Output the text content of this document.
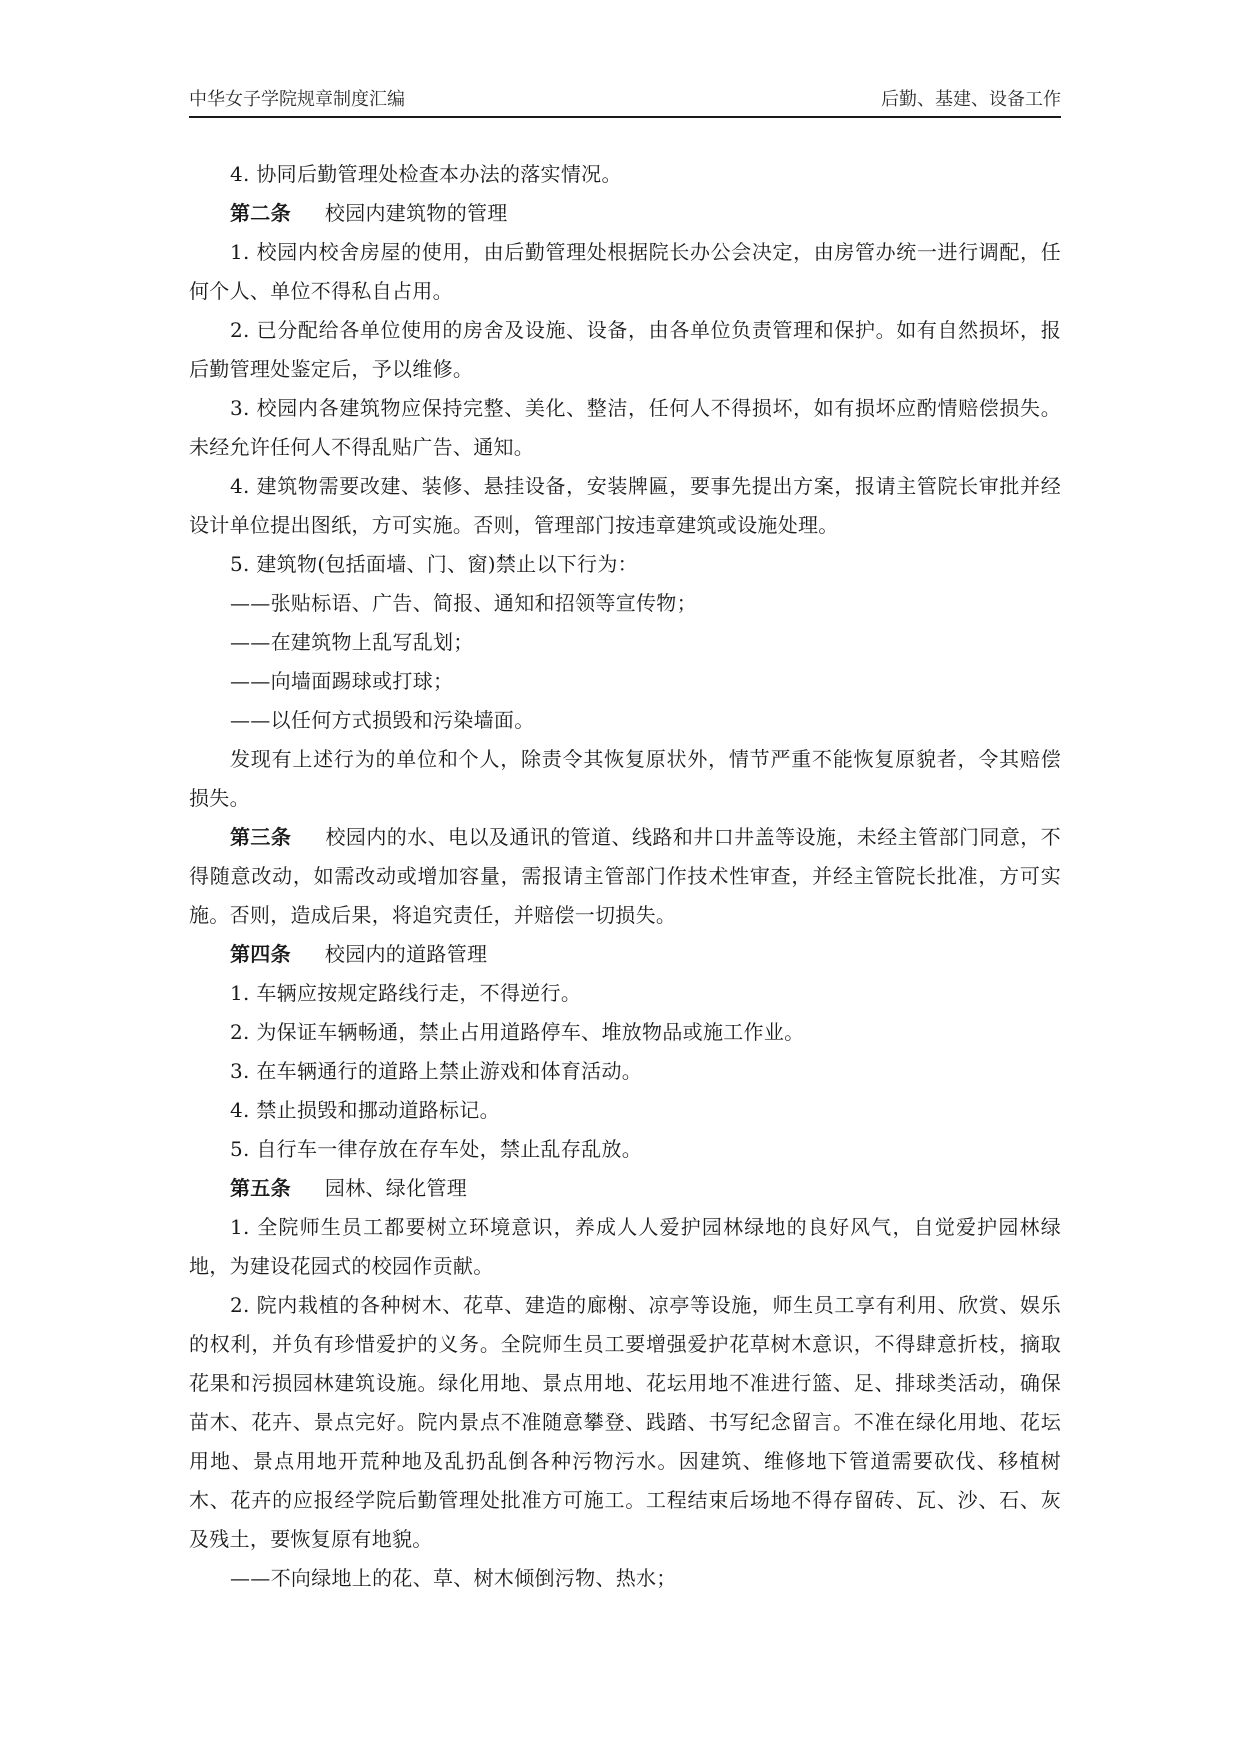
中华女子学院规章制度汇编	后勤、基建、设备工作

4. 协同后勤管理处检查本办法的落实情况。

第二条 校园内建筑物的管理

1. 校园内校舍房屋的使用，由后勤管理处根据院长办公会决定，由房管办统一进行调配，任何个人、单位不得私自占用。

2. 已分配给各单位使用的房舍及设施、设备，由各单位负责管理和保护。如有自然损坏，报后勤管理处鉴定后，予以维修。

3. 校园内各建筑物应保持完整、美化、整洁，任何人不得损坏，如有损坏应酌情赔偿损失。未经允许任何人不得乱贴广告、通知。

4. 建筑物需要改建、装修、悬挂设备，安装牌匾，要事先提出方案，报请主管院长审批并经设计单位提出图纸，方可实施。否则，管理部门按违章建筑或设施处理。

5. 建筑物(包括面墙、门、窗)禁止以下行为：

——张贴标语、广告、简报、通知和招领等宣传物；

——在建筑物上乱写乱划；

——向墙面踢球或打球；

——以任何方式损毁和污染墙面。

发现有上述行为的单位和个人，除责令其恢复原状外，情节严重不能恢复原貌者，令其赔偿损失。

第三条 校园内的水、电以及通讯的管道、线路和井口井盖等设施，未经主管部门同意，不得随意改动，如需改动或增加容量，需报请主管部门作技术性审查，并经主管院长批准，方可实施。否则，造成后果，将追究责任，并赔偿一切损失。

第四条 校园内的道路管理

1. 车辆应按规定路线行走，不得逆行。

2. 为保证车辆畅通，禁止占用道路停车、堆放物品或施工作业。

3. 在车辆通行的道路上禁止游戏和体育活动。

4. 禁止损毁和挪动道路标记。

5. 自行车一律存放在存车处，禁止乱存乱放。

第五条 园林、绿化管理

1. 全院师生员工都要树立环境意识，养成人人爱护园林绿地的良好风气，自觉爱护园林绿地，为建设花园式的校园作贡献。

2. 院内栽植的各种树木、花草、建造的廊榭、凉亭等设施，师生员工享有利用、欣赏、娱乐的权利，并负有珍惜爱护的义务。全院师生员工要增强爱护花草树木意识，不得肆意折枝，摘取花果和污损园林建筑设施。绿化用地、景点用地、花坛用地不准进行篮、足、排球类活动，确保苗木、花卉、景点完好。院内景点不准随意攀登、践踏、书写纪念留言。不准在绿化用地、花坛用地、景点用地开荒种地及乱扔乱倒各种污物污水。因建筑、维修地下管道需要砍伐、移植树木、花卉的应报经学院后勤管理处批准方可施工。工程结束后场地不得存留砖、瓦、沙、石、灰及残土，要恢复原有地貌。

——不向绿地上的花、草、树木倾倒污物、热水；
